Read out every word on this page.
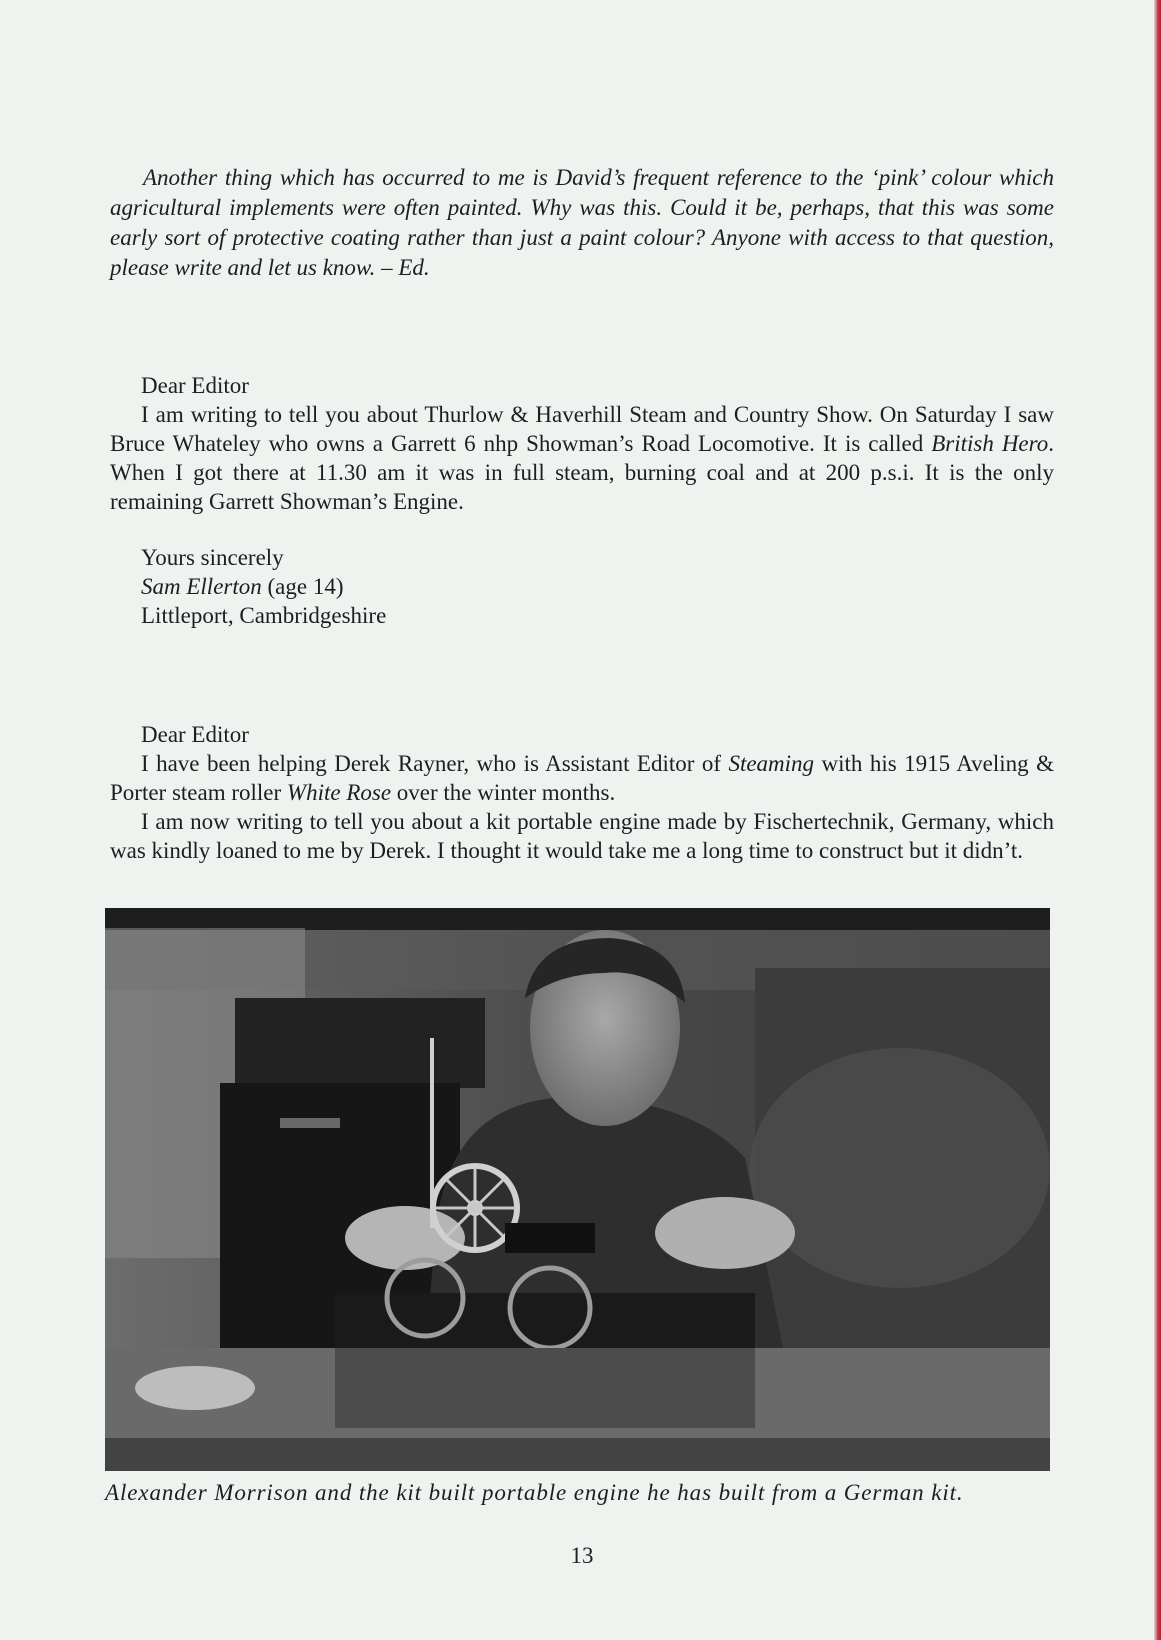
Another thing which has occurred to me is David’s frequent reference to the ‘pink’ colour which agricultural implements were often painted. Why was this. Could it be, perhaps, that this was some early sort of protective coating rather than just a paint colour? Anyone with access to that question, please write and let us know. – Ed.

Dear Editor

I am writing to tell you about Thurlow & Haverhill Steam and Country Show. On Saturday I saw Bruce Whateley who owns a Garrett 6 nhp Showman’s Road Locomotive. It is called British Hero. When I got there at 11.30 am it was in full steam, burning coal and at 200 p.s.i. It is the only remaining Garrett Showman’s Engine.

Yours sincerely

Sam Ellerton (age 14)

Littleport, Cambridgeshire

Dear Editor

I have been helping Derek Rayner, who is Assistant Editor of Steaming with his 1915 Aveling & Porter steam roller White Rose over the winter months.

I am now writing to tell you about a kit portable engine made by Fischertechnik, Germany, which was kindly loaned to me by Derek. I thought it would take me a long time to construct but it didn’t.

Alexander Morrison and the kit built portable engine he has built from a German kit.
13
